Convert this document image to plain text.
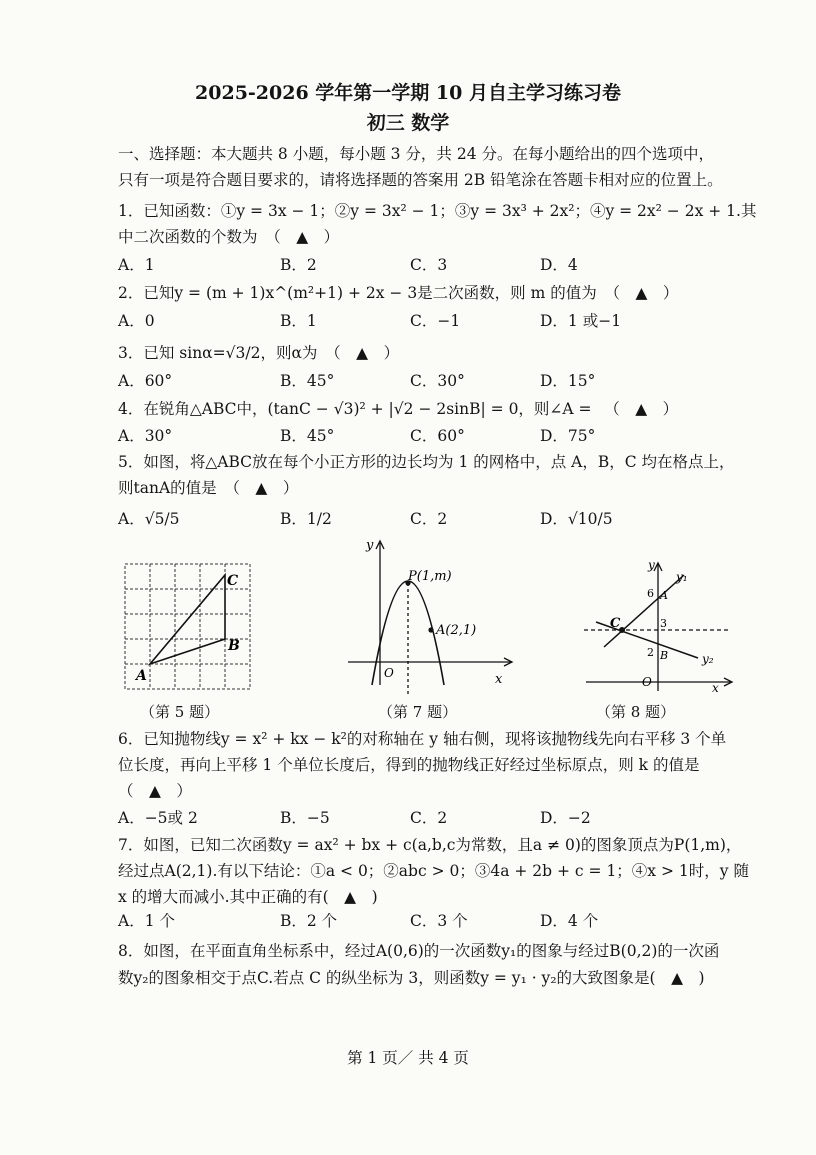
2025-2026 学年第一学期 10 月自主学习练习卷
初三 数学
一、选择题：本大题共 8 小题，每小题 3 分，共 24 分。在每小题给出的四个选项中，
只有一项是符合题目要求的，请将选择题的答案用 2B 铅笔涂在答题卡相对应的位置上。
1．已知函数：①y = 3x − 1；②y = 3x² − 1；③y = 3x³ + 2x²；④y = 2x² − 2x + 1.其
中二次函数的个数为　（　▲　）
A．1	B．2	C．3	D．4
2．已知y = (m + 1)x^(m²+1) + 2x − 3是二次函数，则 m 的值为　（　▲　）
A．0	B．1	C．−1	D．1 或−1
3．已知 sinα=√3/2，则α为　（　▲　）
A．60°	B．45°	C．30°	D．15°
4．在锐角△ABC中，(tanC − √3)² + |√2 − 2sinB| = 0，则∠A = 　（　▲　）
A．30°	B．45°	C．60°	D．75°
5．如图，将△ABC放在每个小正方形的边长均为 1 的网格中，点 A，B，C 均在格点上，
则tanA的值是　（　▲　）
A．√5/5	B．1/2	C．2	D．√10/5
A
B
C
（第 5 题）
y
x
O
P(1,m)
A(2,1)
（第 7 题）
y
y₁
y₂
x
O
A
B
C
6
3
2
（第 8 题）
6．已知抛物线y = x² + kx − k²的对称轴在 y 轴右侧，现将该抛物线先向右平移 3 个单
位长度，再向上平移 1 个单位长度后，得到的抛物线正好经过坐标原点，则 k 的值是
（　▲　）
A．−5或 2	B．−5	C．2	D．−2
7．如图，已知二次函数y = ax² + bx + c(a,b,c为常数，且a ≠ 0)的图象顶点为P(1,m)，
经过点A(2,1).有以下结论：①a < 0；②abc > 0；③4a + 2b + c = 1；④x > 1时，y 随
x 的增大而减小.其中正确的有(　▲　)
A．1 个	B．2 个	C．3 个	D．4 个
8．如图，在平面直角坐标系中，经过A(0,6)的一次函数y₁的图象与经过B(0,2)的一次函
数y₂的图象相交于点C.若点 C 的纵坐标为 3，则函数y = y₁ · y₂的大致图象是(　▲　)
第 1 页／ 共 4 页
